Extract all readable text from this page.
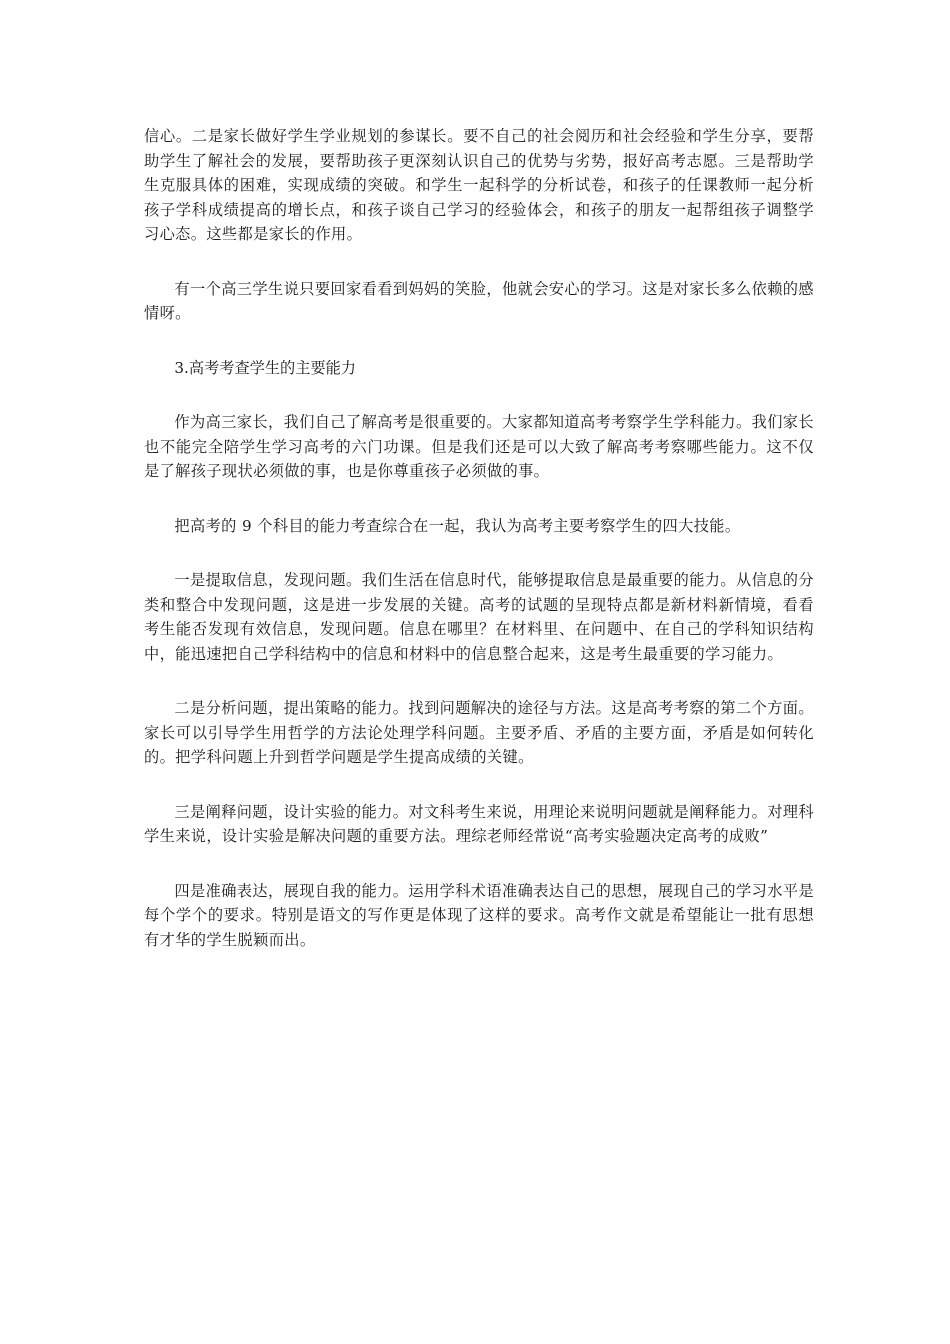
信心。二是家长做好学生学业规划的参谋长。要不自己的社会阅历和社会经验和学生分享，要帮助学生了解社会的发展，要帮助孩子更深刻认识自己的优势与劣势，报好高考志愿。三是帮助学生克服具体的困难，实现成绩的突破。和学生一起科学的分析试卷，和孩子的任课教师一起分析孩子学科成绩提高的增长点，和孩子谈自己学习的经验体会，和孩子的朋友一起帮组孩子调整学习心态。这些都是家长的作用。

有一个高三学生说只要回家看看到妈妈的笑脸，他就会安心的学习。这是对家长多么依赖的感情呀。

3.高考考查学生的主要能力

作为高三家长，我们自己了解高考是很重要的。大家都知道高考考察学生学科能力。我们家长也不能完全陪学生学习高考的六门功课。但是我们还是可以大致了解高考考察哪些能力。这不仅是了解孩子现状必须做的事，也是你尊重孩子必须做的事。

把高考的 9 个科目的能力考查综合在一起，我认为高考主要考察学生的四大技能。

一是提取信息，发现问题。我们生活在信息时代，能够提取信息是最重要的能力。从信息的分类和整合中发现问题，这是进一步发展的关键。高考的试题的呈现特点都是新材料新情境，看看考生能否发现有效信息，发现问题。信息在哪里？在材料里、在问题中、在自己的学科知识结构中，能迅速把自己学科结构中的信息和材料中的信息整合起来，这是考生最重要的学习能力。

二是分析问题，提出策略的能力。找到问题解决的途径与方法。这是高考考察的第二个方面。家长可以引导学生用哲学的方法论处理学科问题。主要矛盾、矛盾的主要方面，矛盾是如何转化的。把学科问题上升到哲学问题是学生提高成绩的关键。

三是阐释问题，设计实验的能力。对文科考生来说，用理论来说明问题就是阐释能力。对理科学生来说，设计实验是解决问题的重要方法。理综老师经常说“高考实验题决定高考的成败”

四是准确表达，展现自我的能力。运用学科术语准确表达自己的思想，展现自己的学习水平是每个学个的要求。特别是语文的写作更是体现了这样的要求。高考作文就是希望能让一批有思想有才华的学生脱颖而出。
